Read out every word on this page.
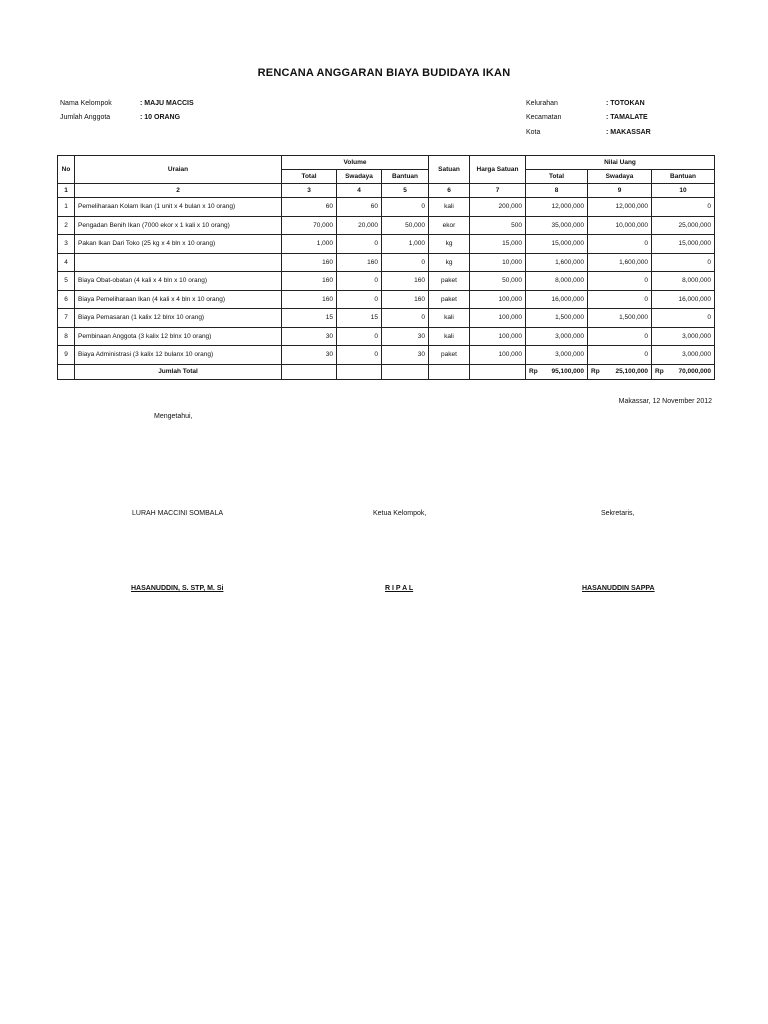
RENCANA ANGGARAN BIAYA BUDIDAYA IKAN
Nama Kelompok	: MAJU MACCIS
Jumlah Anggota	: 10 ORANG
Kelurahan	: TOTOKAN
Kecamatan	: TAMALATE
Kota	: MAKASSAR
No	Uraian	Volume			Satuan	Harga Satuan	Nilai Uang		
		Total	Swadaya	Bantuan			Total	Swadaya	Bantuan
1	2	3	4	5	6	7	8	9	10
1	Pemeliharaan Kolam Ikan (1 unit x 4 bulan x 10 orang)	60	60	0	kali	200,000	12,000,000	12,000,000	0
2	Pengadan Benih Ikan (7000 ekor x 1 kali x 10 orang)	70,000	20,000	50,000	ekor	500	35,000,000	10,000,000	25,000,000
3	Pakan Ikan Dari Toko (25 kg x 4 bln x 10 orang)	1,000	0	1,000	kg	15,000	15,000,000	0	15,000,000
4		160	160	0	kg	10,000	1,600,000	1,600,000	0
5	Biaya Obat-obatan (4 kali x 4 bln x 10 orang)	160	0	160	paket	50,000	8,000,000	0	8,000,000
6	Biaya Pemeliharaan Ikan (4 kali x 4 bln x 10 orang)	160	0	160	paket	100,000	16,000,000	0	16,000,000
7	Biaya Pemasaran (1 kalix 12 blnx 10 orang)	15	15	0	kali	100,000	1,500,000	1,500,000	0
8	Pembinaan Anggota (3 kalix 12 blnx 10 orang)	30	0	30	kali	100,000	3,000,000	0	3,000,000
9	Biaya Administrasi (3 kalix 12 bulanx 10 orang)	30	0	30	paket	100,000	3,000,000	0	3,000,000
	Jumlah Total						Rp 95,100,000	Rp 25,100,000	Rp 70,000,000
Makassar, 12 November 2012
Mengetahui,
LURAH MACCINI SOMBALA	Ketua Kelompok,	Sekretaris,
HASANUDDIN, S. STP, M. Si	R I P A L	HASANUDDIN SAPPA
